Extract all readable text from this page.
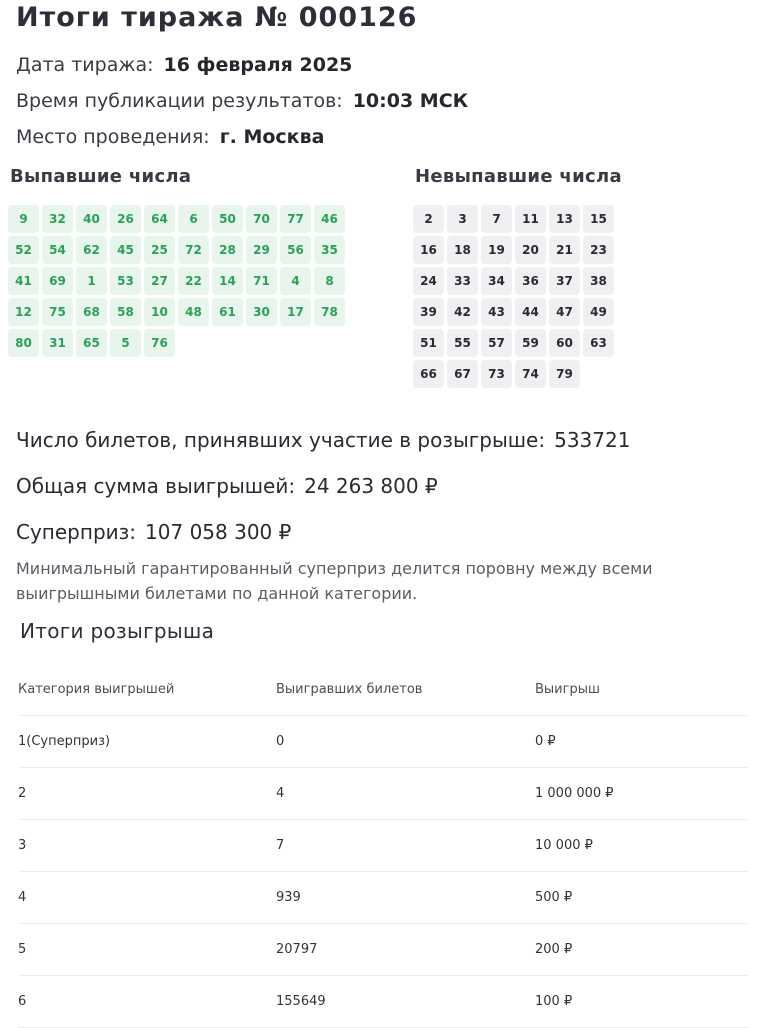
Итоги тиража № 000126
Дата тиража: 16 февраля 2025
Время публикации результатов: 10:03 МСК
Место проведения: г. Москва
Выпавшие числа	Невыпавшие числа
9	32	40	26	64	6	50	70	77	46
52	54	62	45	25	72	28	29	56	35
41	69	1	53	27	22	14	71	4	8
12	75	68	58	10	48	61	30	17	78
80	31	65	5	76
2	3	7	11	13	15
16	18	19	20	21	23
24	33	34	36	37	38
39	42	43	44	47	49
51	55	57	59	60	63
66	67	73	74	79
Число билетов, принявших участие в розыгрыше: 533721
Общая сумма выигрышей: 24 263 800 ₽
Суперприз: 107 058 300 ₽
Минимальный гарантированный суперприз делится поровну между всеми выигрышными билетами по данной категории.
Итоги розыгрыша
Категория выигрышей	Выигравших билетов	Выигрыш
1(Суперприз)	0	0 ₽
2	4	1 000 000 ₽
3	7	10 000 ₽
4	939	500 ₽
5	20797	200 ₽
6	155649	100 ₽
